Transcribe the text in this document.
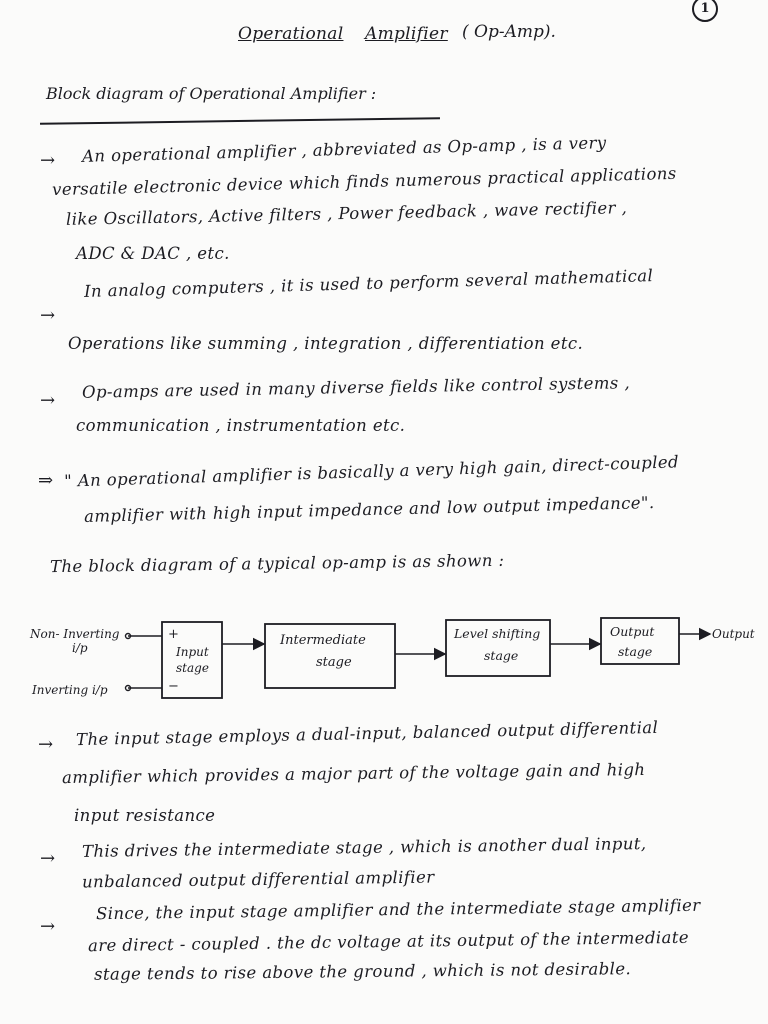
1
Operational Amplifier ( Op-Amp).
Block diagram of Operational Amplifier :
→ An operational amplifier , abbreviated as Op-amp , is a very
versatile electronic device which finds numerous practical applications
like Oscillators, Active filters , Power feedback , wave rectifier ,
ADC & DAC , etc.
→
In analog computers , it is used to perform several mathematical
Operations like summing , integration , differentiation etc.
→ Op-amps are used in many diverse fields like control systems ,
communication , instrumentation etc.
⇒ " An operational amplifier is basically a very high gain, direct-coupled
amplifier with high input impedance and low output impedance".
The block diagram of a typical op-amp is as shown :
Non- Inverting
i/p
Inverting i/p
+
−
Input
stage
Intermediate
stage
Level shifting
stage
Output
stage
Output
→ The input stage employs a dual-input, balanced output differential
amplifier which provides a major part of the voltage gain and high
input resistance
→ This drives the intermediate stage , which is another dual input,
unbalanced output differential amplifier
→
Since, the input stage amplifier and the intermediate stage amplifier
are direct - coupled . the dc voltage at its output of the intermediate
stage tends to rise above the ground , which is not desirable.
